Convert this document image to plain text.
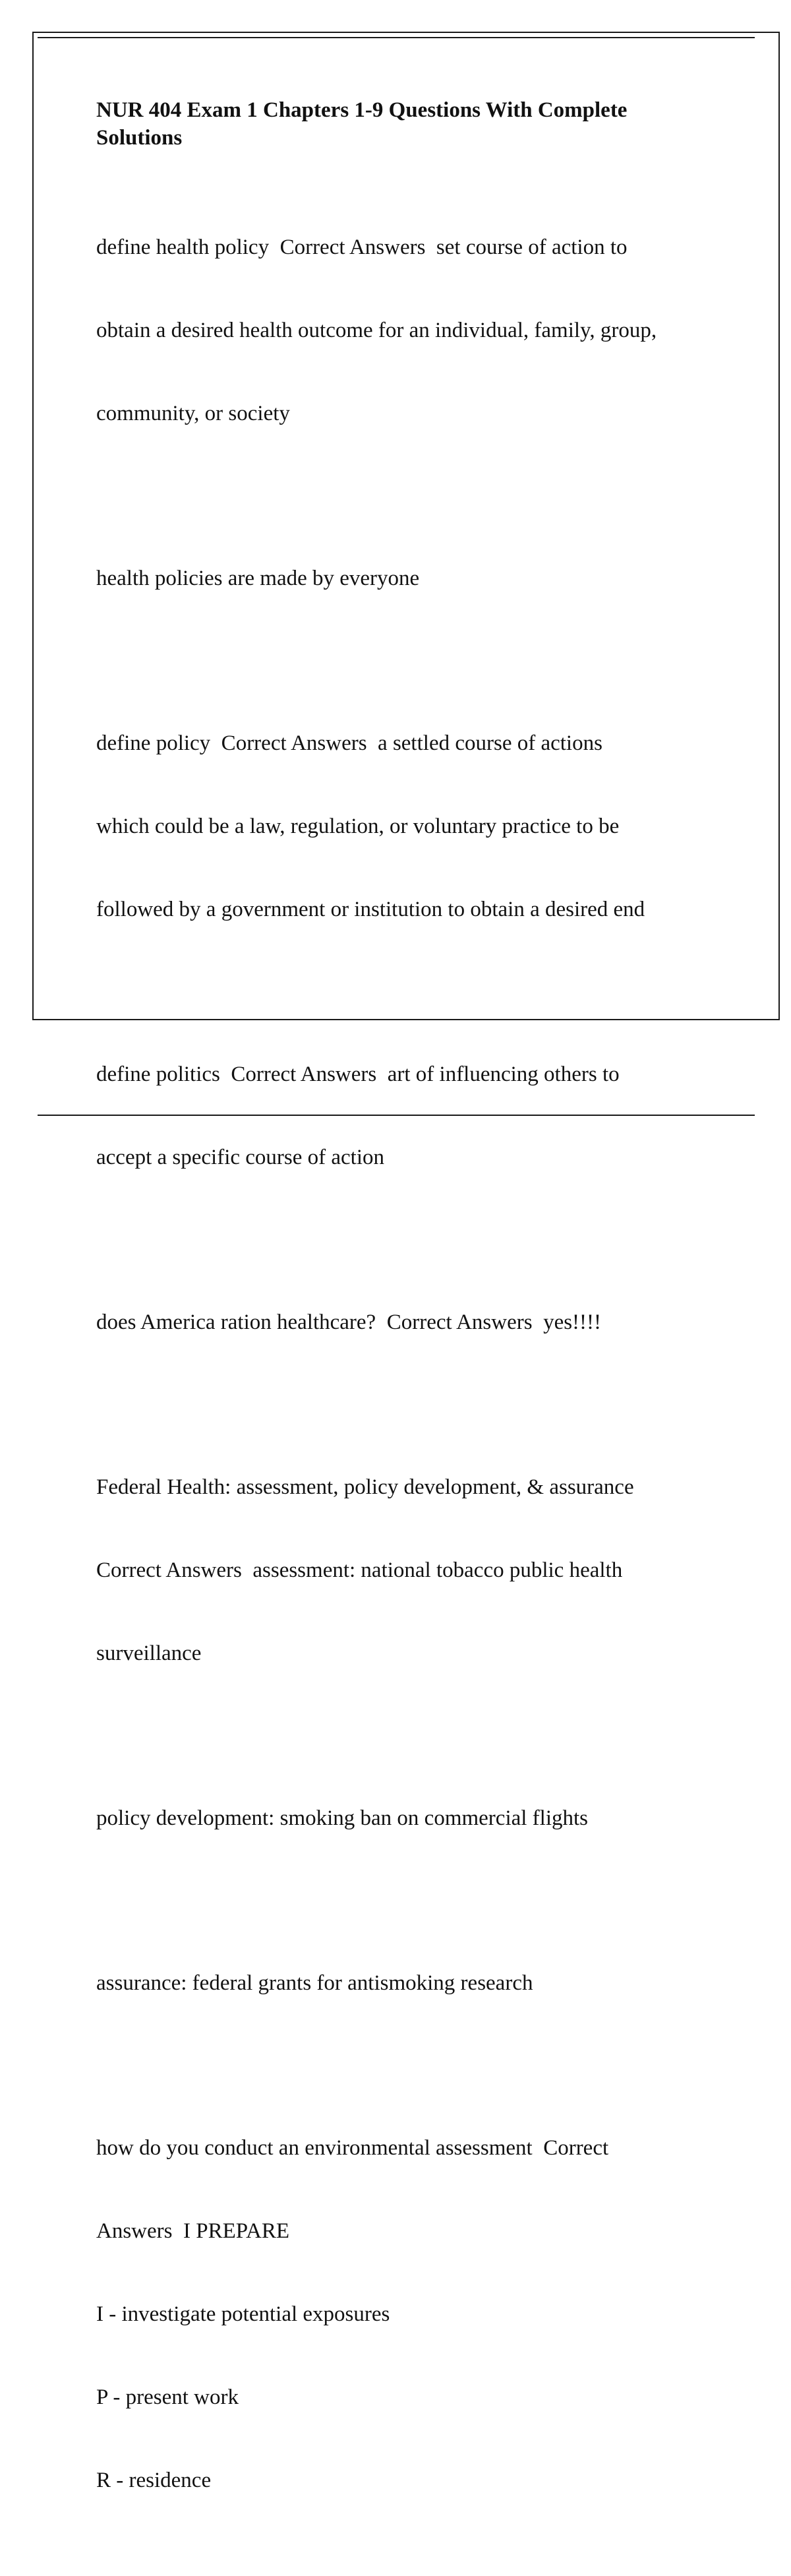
NUR 404 Exam 1 Chapters 1-9 Questions With Complete
Solutions

define health policy  Correct Answers  set course of action to

obtain a desired health outcome for an individual, family, group,

community, or society

health policies are made by everyone

define policy  Correct Answers  a settled course of actions

which could be a law, regulation, or voluntary practice to be

followed by a government or institution to obtain a desired end

define politics  Correct Answers  art of influencing others to

accept a specific course of action

does America ration healthcare?  Correct Answers  yes!!!!

Federal Health: assessment, policy development, & assurance

Correct Answers  assessment: national tobacco public health

surveillance

policy development: smoking ban on commercial flights

assurance: federal grants for antismoking research

how do you conduct an environmental assessment  Correct

Answers  I PREPARE

I - investigate potential exposures

P - present work

R - residence
